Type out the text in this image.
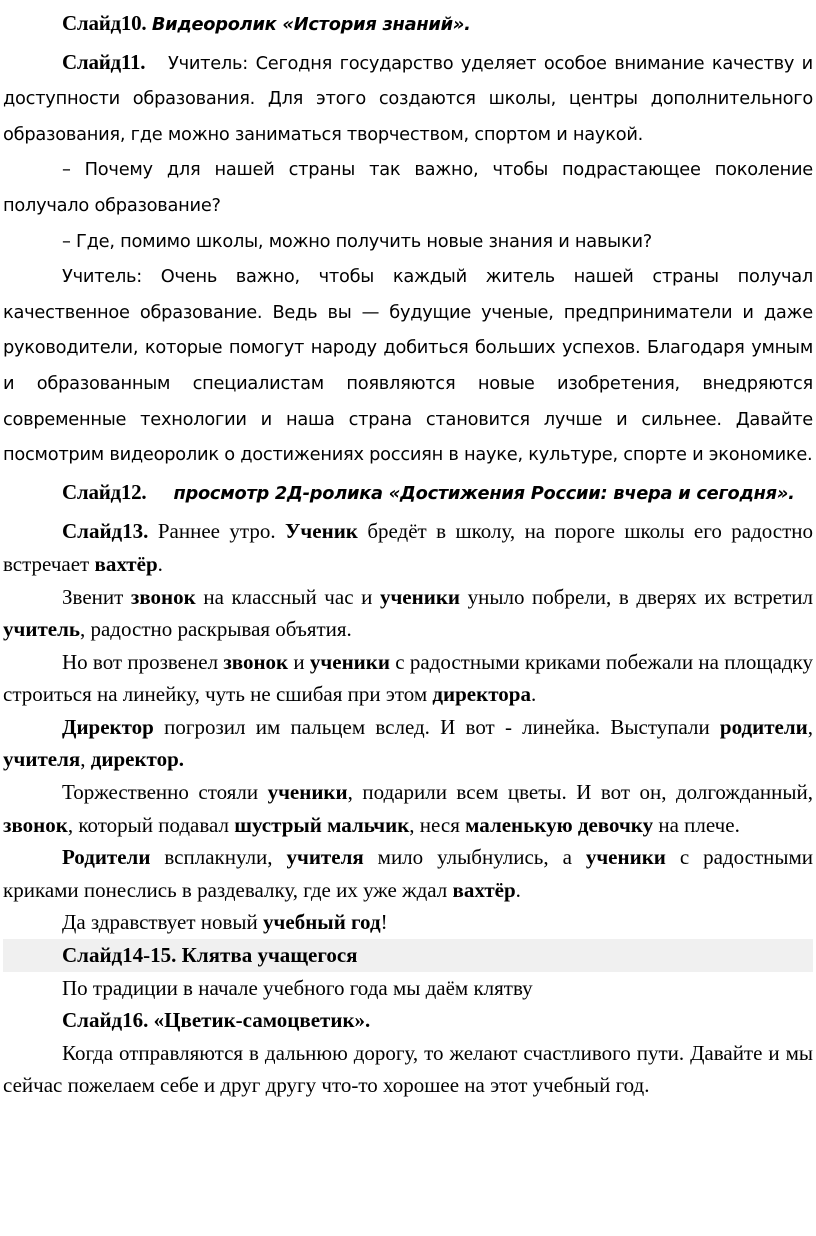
Слайд10. Видеоролик «История знаний».

Слайд11. Учитель: Сегодня государство уделяет особое внимание качеству и доступности образования. Для этого создаются школы, центры дополнительного образования, где можно заниматься творчеством, спортом и наукой.

– Почему для нашей страны так важно, чтобы подрастающее поколение получало образование?

– Где, помимо школы, можно получить новые знания и навыки?

Учитель: Очень важно, чтобы каждый житель нашей страны получал качественное образование. Ведь вы — будущие ученые, предприниматели и даже руководители, которые помогут народу добиться больших успехов. Благодаря умным и образованным специалистам появляются новые изобретения, внедряются современные технологии и наша страна становится лучше и сильнее. Давайте посмотрим видеоролик о достижениях россиян в науке, культуре, спорте и экономике.

Слайд12. просмотр 2Д-ролика «Достижения России: вчера и сегодня».

Слайд13. Раннее утро. Ученик бредёт в школу, на пороге школы его радостно встречает вахтёр.

Звенит звонок на классный час и ученики уныло побрели, в дверях их встретил учитель, радостно раскрывая объятия.

Но вот прозвенел звонок и ученики с радостными криками побежали на площадку строиться на линейку, чуть не сшибая при этом директора.

Директор погрозил им пальцем вслед. И вот - линейка. Выступали родители, учителя, директор.

Торжественно стояли ученики, подарили всем цветы. И вот он, долгожданный, звонок, который подавал шустрый мальчик, неся маленькую девочку на плече.

Родители всплакнули, учителя мило улыбнулись, а ученики с радостными криками понеслись в раздевалку, где их уже ждал вахтёр.

Да здравствует новый учебный год!

Слайд14-15. Клятва учащегося

По традиции в начале учебного года мы даём клятву

Слайд16. «Цветик-самоцветик».

Когда отправляются в дальнюю дорогу, то желают счастливого пути. Давайте и мы сейчас пожелаем себе и друг другу что-то хорошее на этот учебный год.
